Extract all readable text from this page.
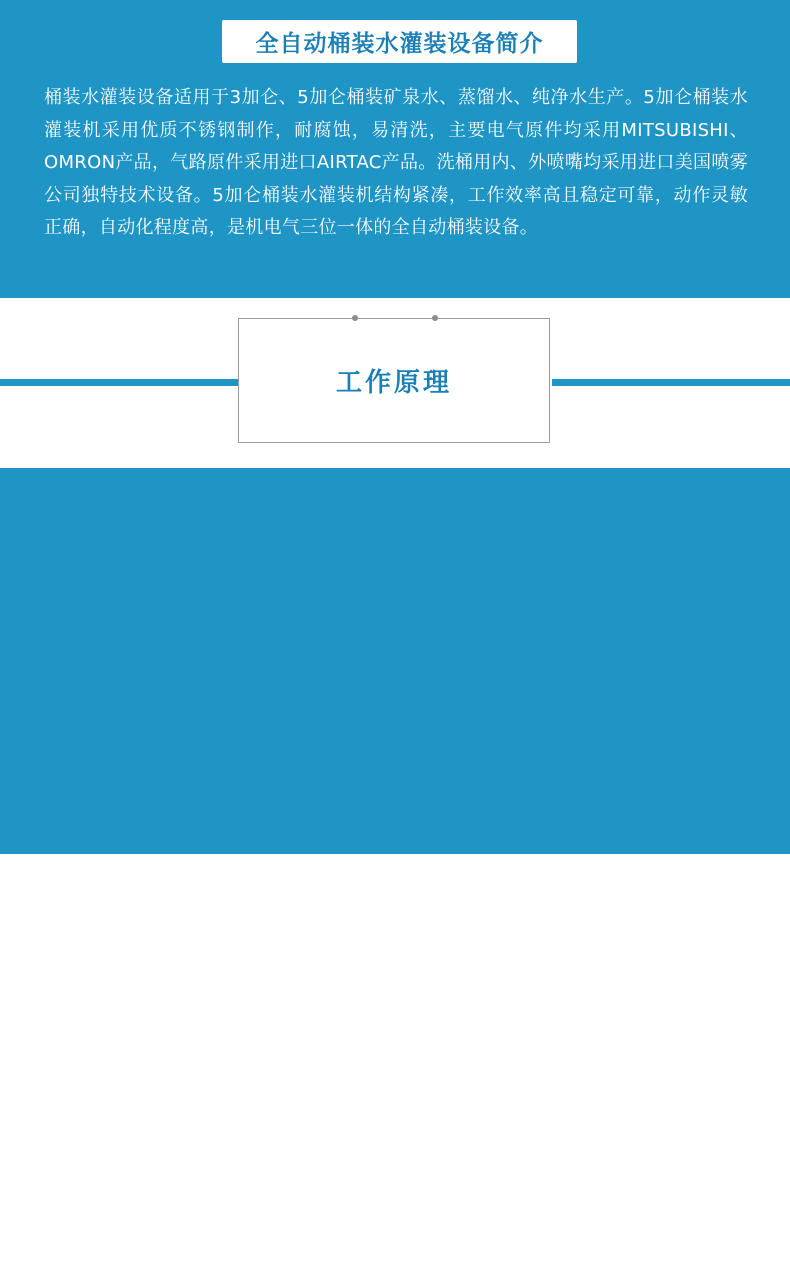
全自动桶装水灌装设备简介

桶装水灌装设备适用于3加仑、5加仑桶装矿泉水、蒸馏水、纯净水生产。5加仑桶装水灌装机采用优质不锈钢制作，耐腐蚀，易清洗，主要电气原件均采用MITSUBISHI、OMRON产品，气路原件采用进口AIRTAC产品。洗桶用内、外喷嘴均采用进口美国喷雾公司独特技术设备。5加仑桶装水灌装机结构紧凑，工作效率高且稳定可靠，动作灵敏正确，自动化程度高，是机电气三位一体的全自动桶装设备。

工作原理

空桶随链条运动一个工位，成倒立状对桶口桶身进行冲洗。冲洗过程共经过八道工序，第一、二道碱洗，第三道滴干，第四、五消毒液，第六滴干 第七道回水清洗，第八道滴干 第九纯水冲洗，第十道滴干，第十一纯水冲洗，第十二滴干（也可以根据用户需求设定工序）。

5加仑桶装水生产线将冲洗干净的净桶随链条运动翻转90度，空桶由拔桶汽缸将空桶拔出桶座并随翻桶架下翻，然后由推桶气缸将桶向上翻转，使空桶置于灌装机输送带上等待灌装。 消毒后的空桶至灌装位置后灌装阀由气缸推动伸入桶口，灌装泵打开灌装，灌装时间由PLC设定，并可根据液位高低使用面板多功能按钮修正灌装时间，以达到正确位置。灌装结束后，满桶由输送带将已灌装完的满桶送至压盖工位，途中经过戴盖工位时自动将瓶盖套上桶口。压盖完成后通过输送链输出，进入后包装工序。
